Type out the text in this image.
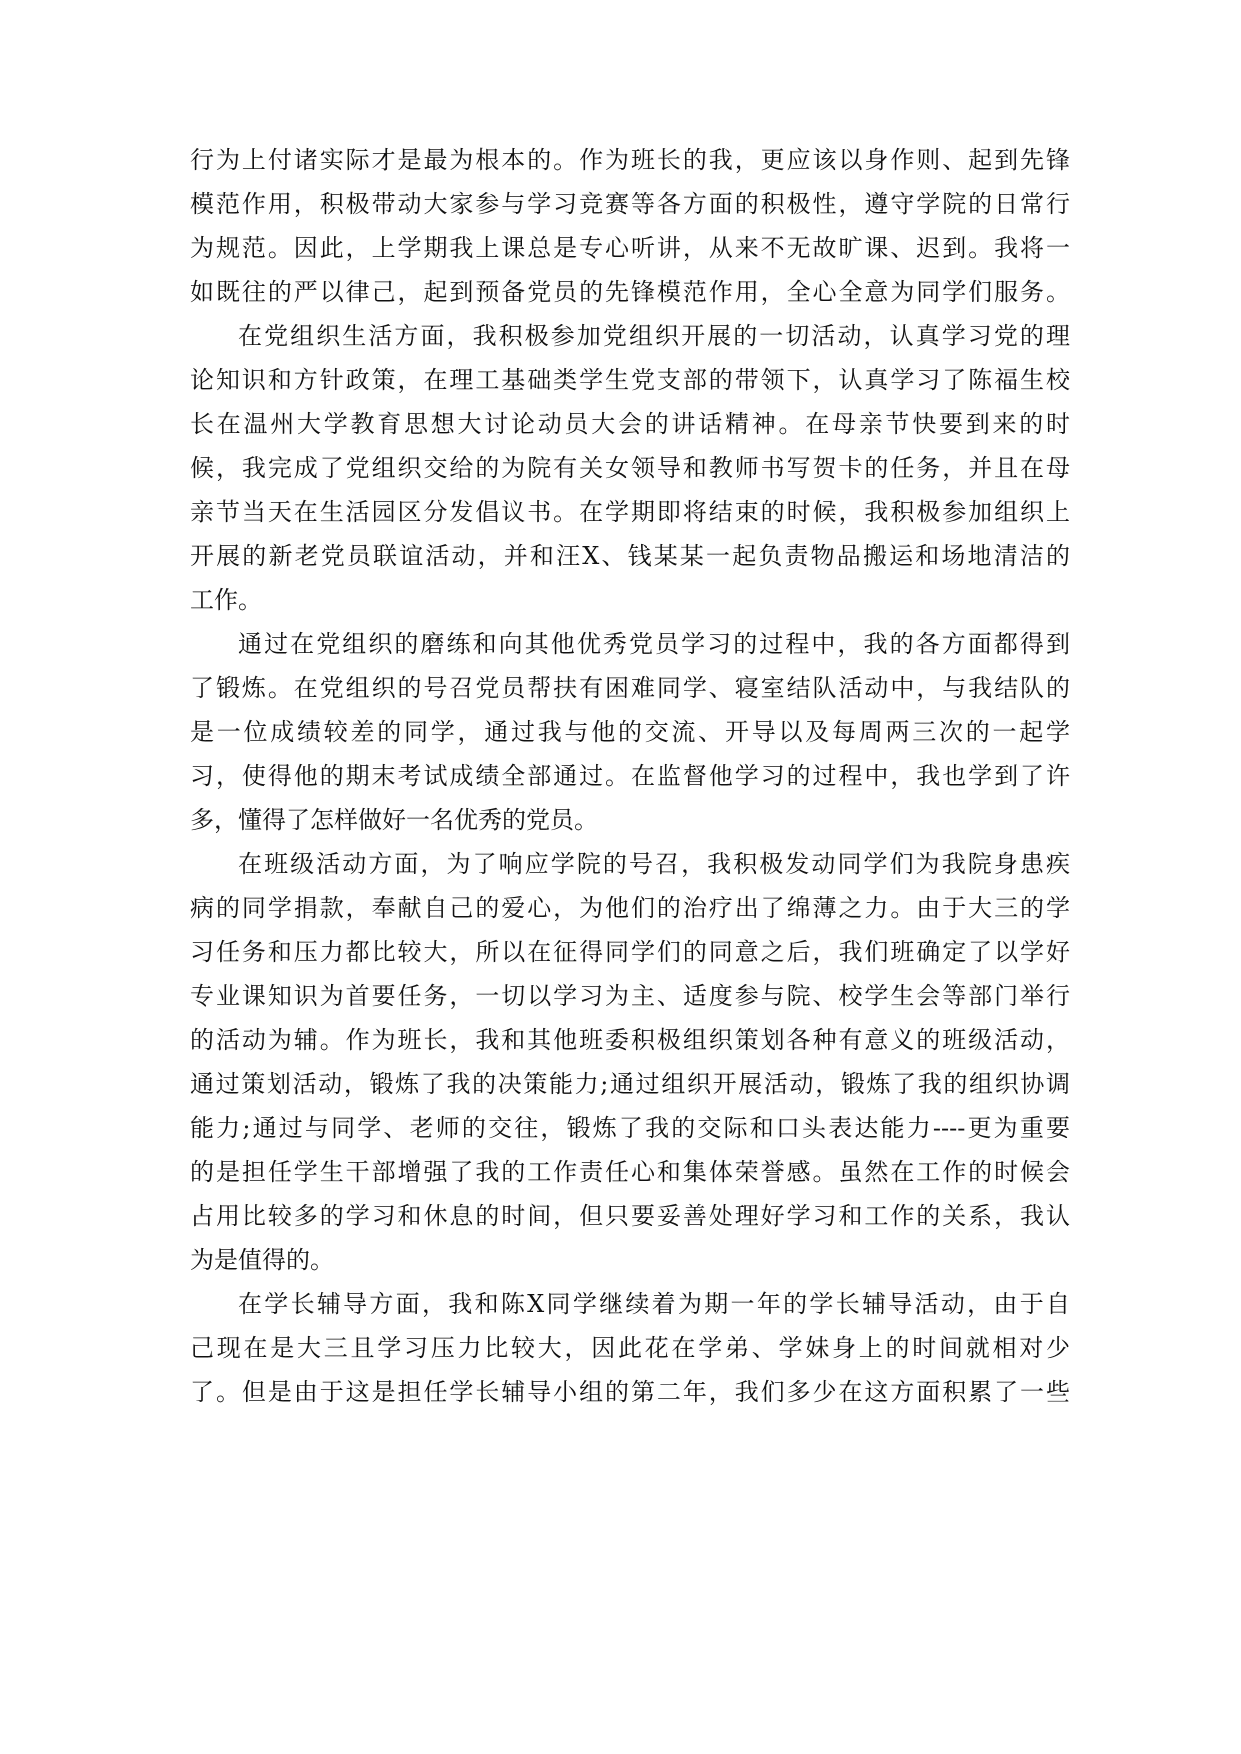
行为上付诸实际才是最为根本的。作为班长的我，更应该以身作则、起到先锋
模范作用，积极带动大家参与学习竞赛等各方面的积极性，遵守学院的日常行
为规范。因此，上学期我上课总是专心听讲，从来不无故旷课、迟到。我将一
如既往的严以律己，起到预备党员的先锋模范作用，全心全意为同学们服务。
在党组织生活方面，我积极参加党组织开展的一切活动，认真学习党的理
论知识和方针政策，在理工基础类学生党支部的带领下，认真学习了陈福生校
长在温州大学教育思想大讨论动员大会的讲话精神。在母亲节快要到来的时
候，我完成了党组织交给的为院有关女领导和教师书写贺卡的任务，并且在母
亲节当天在生活园区分发倡议书。在学期即将结束的时候，我积极参加组织上
开展的新老党员联谊活动，并和汪X、钱某某一起负责物品搬运和场地清洁的
工作。
通过在党组织的磨练和向其他优秀党员学习的过程中，我的各方面都得到
了锻炼。在党组织的号召党员帮扶有困难同学、寝室结队活动中，与我结队的
是一位成绩较差的同学，通过我与他的交流、开导以及每周两三次的一起学
习，使得他的期末考试成绩全部通过。在监督他学习的过程中，我也学到了许
多，懂得了怎样做好一名优秀的党员。
在班级活动方面，为了响应学院的号召，我积极发动同学们为我院身患疾
病的同学捐款，奉献自己的爱心，为他们的治疗出了绵薄之力。由于大三的学
习任务和压力都比较大，所以在征得同学们的同意之后，我们班确定了以学好
专业课知识为首要任务，一切以学习为主、适度参与院、校学生会等部门举行
的活动为辅。作为班长，我和其他班委积极组织策划各种有意义的班级活动，
通过策划活动，锻炼了我的决策能力;通过组织开展活动，锻炼了我的组织协调
能力;通过与同学、老师的交往，锻炼了我的交际和口头表达能力----更为重要
的是担任学生干部增强了我的工作责任心和集体荣誉感。虽然在工作的时候会
占用比较多的学习和休息的时间，但只要妥善处理好学习和工作的关系，我认
为是值得的。
在学长辅导方面，我和陈X同学继续着为期一年的学长辅导活动，由于自
己现在是大三且学习压力比较大，因此花在学弟、学妹身上的时间就相对少
了。但是由于这是担任学长辅导小组的第二年，我们多少在这方面积累了一些
